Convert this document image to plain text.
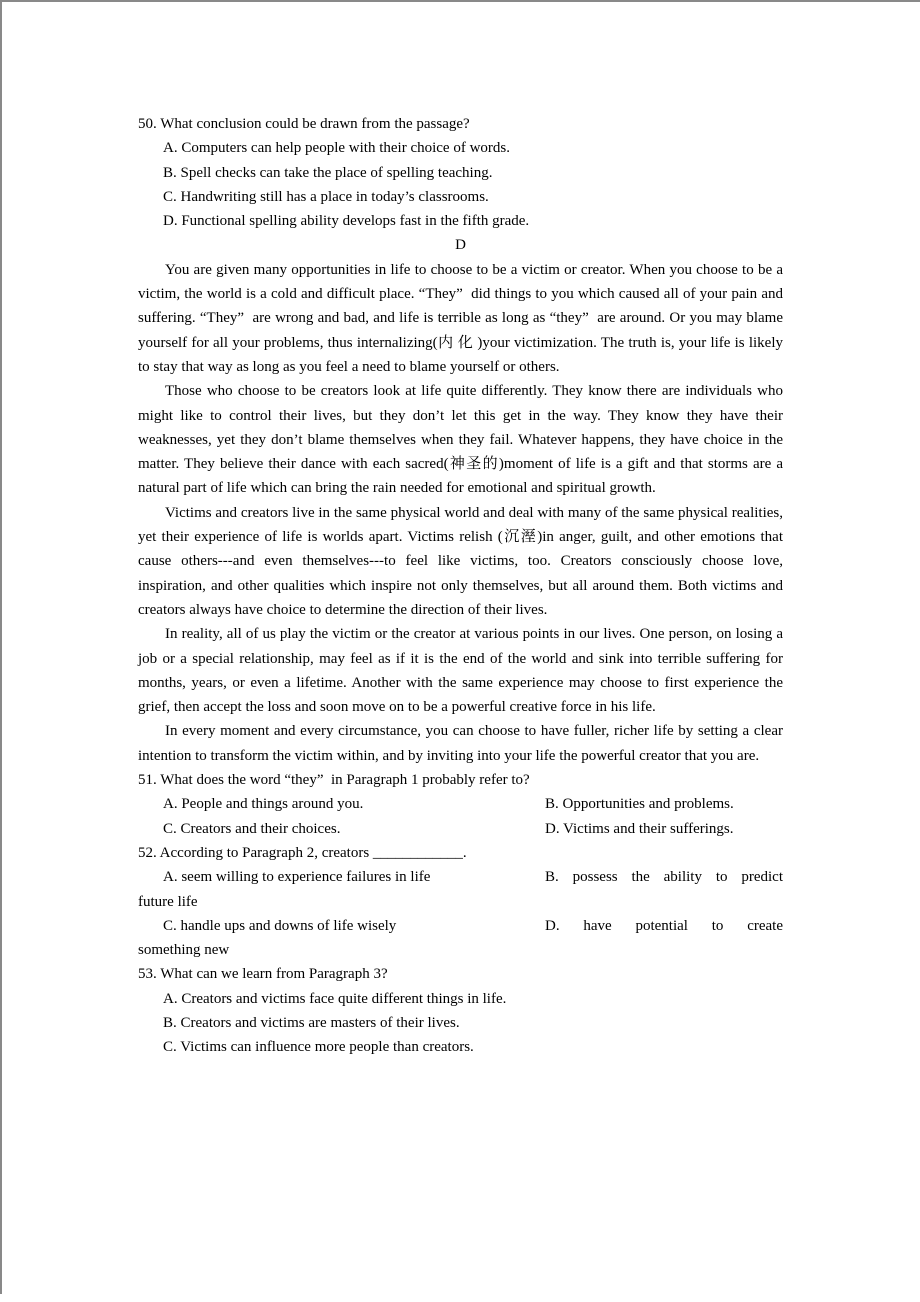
50. What conclusion could be drawn from the passage?
A. Computers can help people with their choice of words.
B. Spell checks can take the place of spelling teaching.
C. Handwriting still has a place in today’s classrooms.
D. Functional spelling ability develops fast in the fifth grade.
D

You are given many opportunities in life to choose to be a victim or creator. When you choose to be a victim, the world is a cold and difficult place. “They”  did things to you which caused all of your pain and suffering. “They”  are wrong and bad, and life is terrible as long as “they”  are around. Or you may blame yourself for all your problems, thus internalizing(内 化 )your victimization. The truth is, your life is likely to stay that way as long as you feel a need to blame yourself or others.

Those who choose to be creators look at life quite differently. They know there are individuals who might like to control their lives, but they don’t let this get in the way. They know they have their weaknesses, yet they don’t blame themselves when they fail. Whatever happens, they have choice in the matter. They believe their dance with each sacred(神圣的)moment of life is a gift and that storms are a natural part of life which can bring the rain needed for emotional and spiritual growth.

Victims and creators live in the same physical world and deal with many of the same physical realities, yet their experience of life is worlds apart. Victims relish (沉溼)in anger, guilt, and other emotions that cause others---and even themselves---to feel like victims, too. Creators consciously choose love, inspiration, and other qualities which inspire not only themselves, but all around them. Both victims and creators always have choice to determine the direction of their lives.

In reality, all of us play the victim or the creator at various points in our lives. One person, on losing a job or a special relationship, may feel as if it is the end of the world and sink into terrible suffering for months, years, or even a lifetime. Another with the same experience may choose to first experience the grief, then accept the loss and soon move on to be a powerful creative force in his life.

In every moment and every circumstance, you can choose to have fuller, richer life by setting a clear intention to transform the victim within, and by inviting into your life the powerful creator that you are.

51. What does the word “they”  in Paragraph 1 probably refer to?
A. People and things around you.	B. Opportunities and problems.
C. Creators and their choices.	D. Victims and their sufferings.
52. According to Paragraph 2, creators ____________.
A. seem willing to experience failures in life	B. possess the ability to predict
future life
C. handle ups and downs of life wisely	D. have potential to create
something new
53. What can we learn from Paragraph 3?
A. Creators and victims face quite different things in life.
B. Creators and victims are masters of their lives.
C. Victims can influence more people than creators.
